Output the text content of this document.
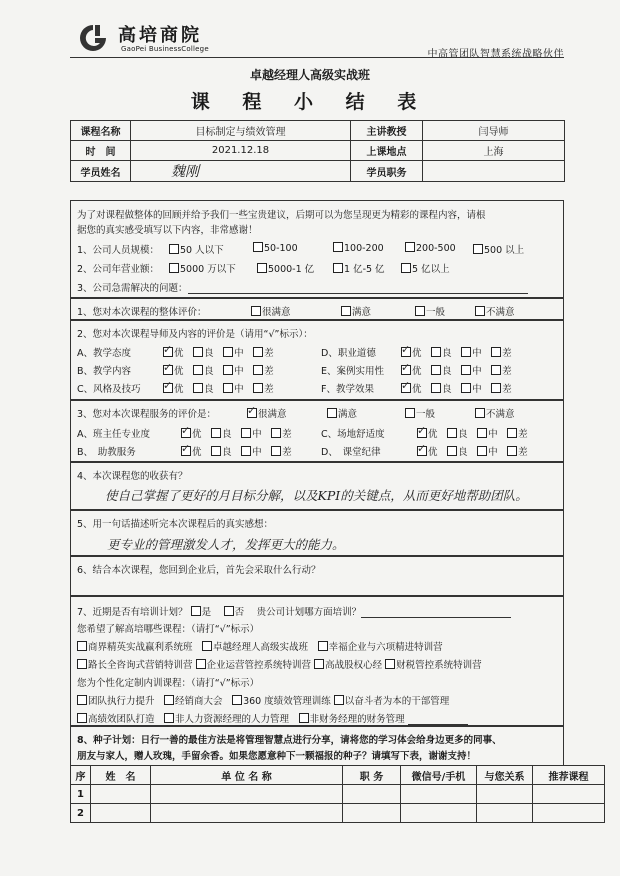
高培商院
GaoPei BusinessCollege	中高管团队智慧系统战略伙伴
卓越经理人高级实战班
课 程 小 结 表
课程名称	目标制定与绩效管理	主讲教授	闫导师
时　间	2021.12.18	上课地点	上海
学员姓名	魏刚	学员职务	
为了对课程做整体的回顾并给予我们一些宝贵建议，后期可以为您呈现更为精彩的课程内容，请根
据您的真实感受填写以下内容，非常感谢！
1、公司人员规模：	50 人以下	50-100	100-200	200-500	500 以上
2、公司年营业额：	5000 万以下	5000-1 亿	1 亿-5 亿	5 亿以上
3、公司急需解决的问题：
1、您对本次课程的整体评价：	很满意	满意	一般	不满意
2、您对本次课程导师及内容的评价是（请用“√”标示）：
A、教学态度 ✓	优　 良　 中　 差	D、职业道德 ✓	优　 良　 中　 差
B、教学内容 ✓	优　 良　 中　 差	E、案例实用性 ✓	优　 良　 中　 差
C、风格及技巧 ✓	优　 良　 中　 差	F、教学效果 ✓	优　 良　 中　 差
3、您对本次课程服务的评价是： ✓	很满意	满意	一般	不满意
A、班主任专业度 ✓	优　 良　 中　 差	C、场地舒适度 ✓	优　 良　 中　 差
B、　助教服务 ✓	优　 良　 中　 差	D、　课堂纪律 ✓	优　 良　 中　 差
4、本次课程您的收获有？
使自己掌握了更好的月目标分解，以及KPI的关键点，从而更好地帮助团队。
5、用一句话描述听完本次课程后的真实感想：
更专业的管理激发人才，发挥更大的能力。
6、结合本次课程，您回到企业后，首先会采取什么行动？
7、近期是否有培训计划？ 是　 否　 贵公司计划哪方面培训？
您希望了解高培哪些课程：（请打“√”标示）
商界精英实战赢利系统班　 卓越经理人高级实战班　 幸福企业与六项精进特训营
路长全咨询式营销特训营 企业运营管控系统特训营 高战股权心经 财税管控系统特训营
您为个性化定制内训课程：（请打“√”标示）
团队执行力提升　 经销商大会　 360 度绩效管理训练 以奋斗者为本的干部管理
高绩效团队打造　 非人力资源经理的人力管理　 非财务经理的财务管理
8、种子计划：日行一善的最佳方法是将管理智慧点进行分享，请将您的学习体会给身边更多的同事、
朋友与家人，赠人玫瑰，手留余香。如果您愿意种下一颗福报的种子？请填写下表，谢谢支持！
序	姓　名	单 位 名 称	职 务	微信号/手机	与您关系	推荐课程
1						
2						
